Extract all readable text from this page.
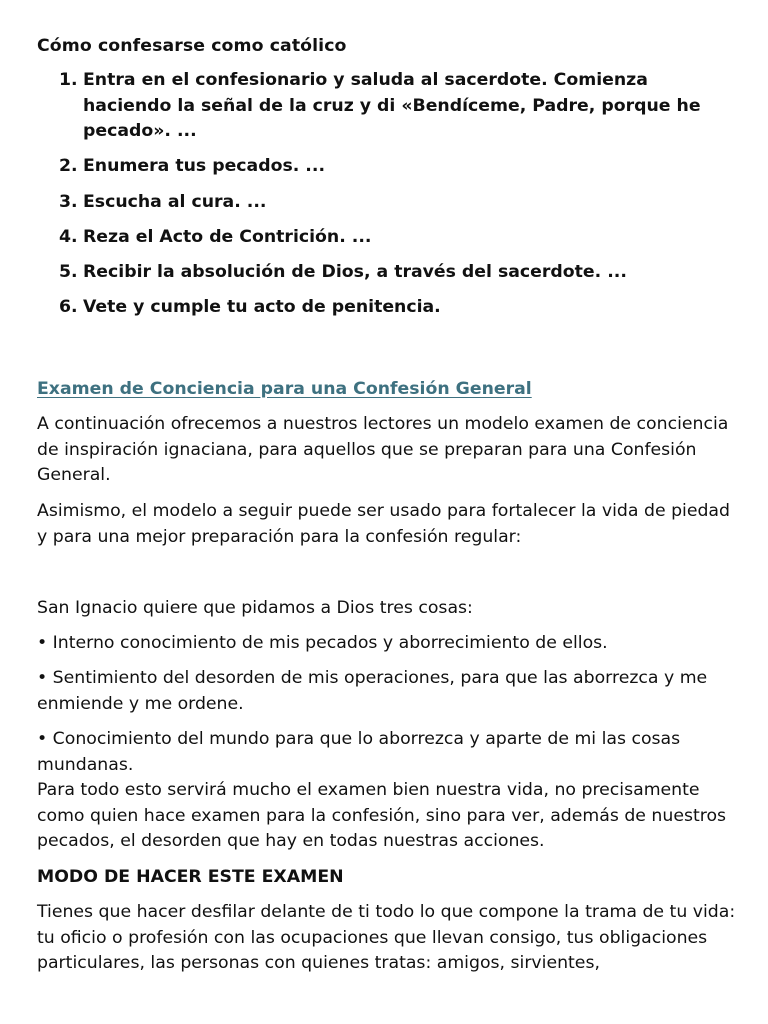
Cómo confesarse como católico
1. Entra en el confesionario y saluda al sacerdote. Comienza haciendo la señal de la cruz y di «Bendíceme, Padre, porque he pecado». ...
2. Enumera tus pecados. ...
3. Escucha al cura. ...
4. Reza el Acto de Contrición. ...
5. Recibir la absolución de Dios, a través del sacerdote. ...
6. Vete y cumple tu acto de penitencia.
Examen de Conciencia para una Confesión General

A continuación ofrecemos a nuestros lectores un modelo examen de conciencia de inspiración ignaciana, para aquellos que se preparan para una Confesión General.

Asimismo, el modelo a seguir puede ser usado para fortalecer la vida de piedad y para una mejor preparación para la confesión regular:

San Ignacio quiere que pidamos a Dios tres cosas:

• Interno conocimiento de mis pecados y aborrecimiento de ellos.

• Sentimiento del desorden de mis operaciones, para que las aborrezca y me enmiende y me ordene.

• Conocimiento del mundo para que lo aborrezca y aparte de mi las cosas mundanas.

Para todo esto servirá mucho el examen bien nuestra vida, no precisamente como quien hace examen para la confesión, sino para ver, además de nuestros pecados, el desorden que hay en todas nuestras acciones.

MODO DE HACER ESTE EXAMEN

Tienes que hacer desfilar delante de ti todo lo que compone la trama de tu vida: tu oficio o profesión con las ocupaciones que llevan consigo, tus obligaciones particulares, las personas con quienes tratas: amigos, sirvientes,
